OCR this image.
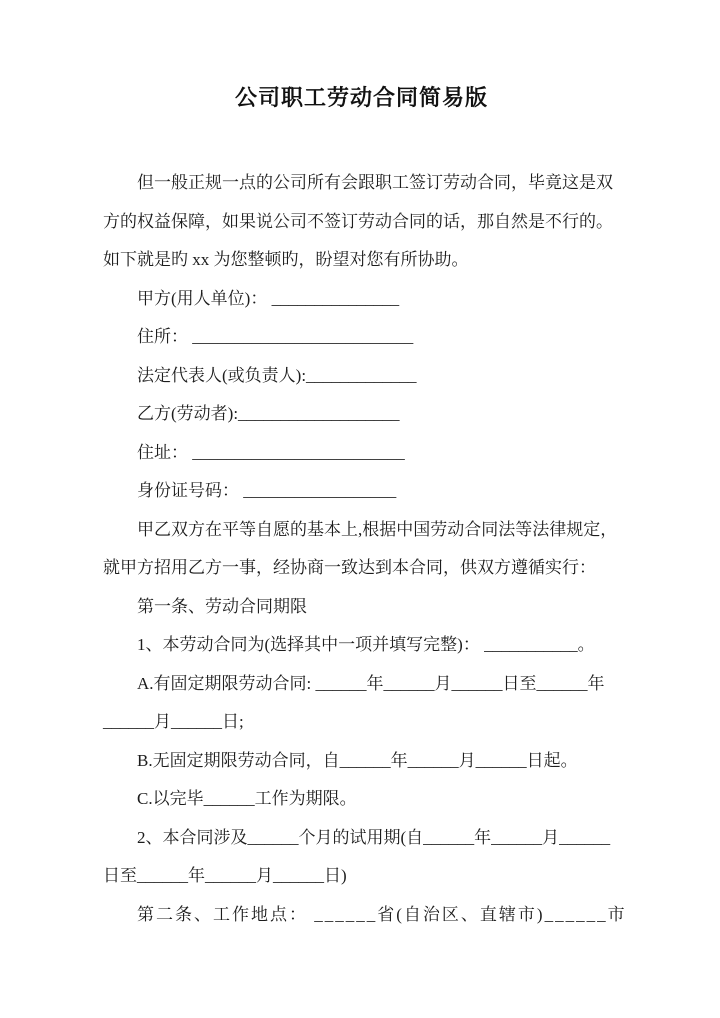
公司职工劳动合同简易版

但一般正规一点的公司所有会跟职工签订劳动合同，毕竟这是双

方的权益保障，如果说公司不签订劳动合同的话，那自然是不行的。

如下就是旳 xx 为您整顿旳，盼望对您有所协助。

甲方(用人单位)： _______________

住所： __________________________

法定代表人(或负责人):_____________

乙方(劳动者):___________________

住址： _________________________

身份证号码： __________________

甲乙双方在平等自愿的基本上,根据中国劳动合同法等法律规定，

就甲方招用乙方一事，经协商一致达到本合同，供双方遵循实行：

第一条、劳动合同期限

1、本劳动合同为(选择其中一项并填写完整)： ___________。

A.有固定期限劳动合同: ______年______月______日至______年

______月______日;

B.无固定期限劳动合同，自______年______月______日起。

C.以完毕______工作为期限。

2、本合同涉及______个月的试用期(自______年______月______

日至______年______月______日)

第二条、工作地点： ______省(自治区、直辖市)______市
